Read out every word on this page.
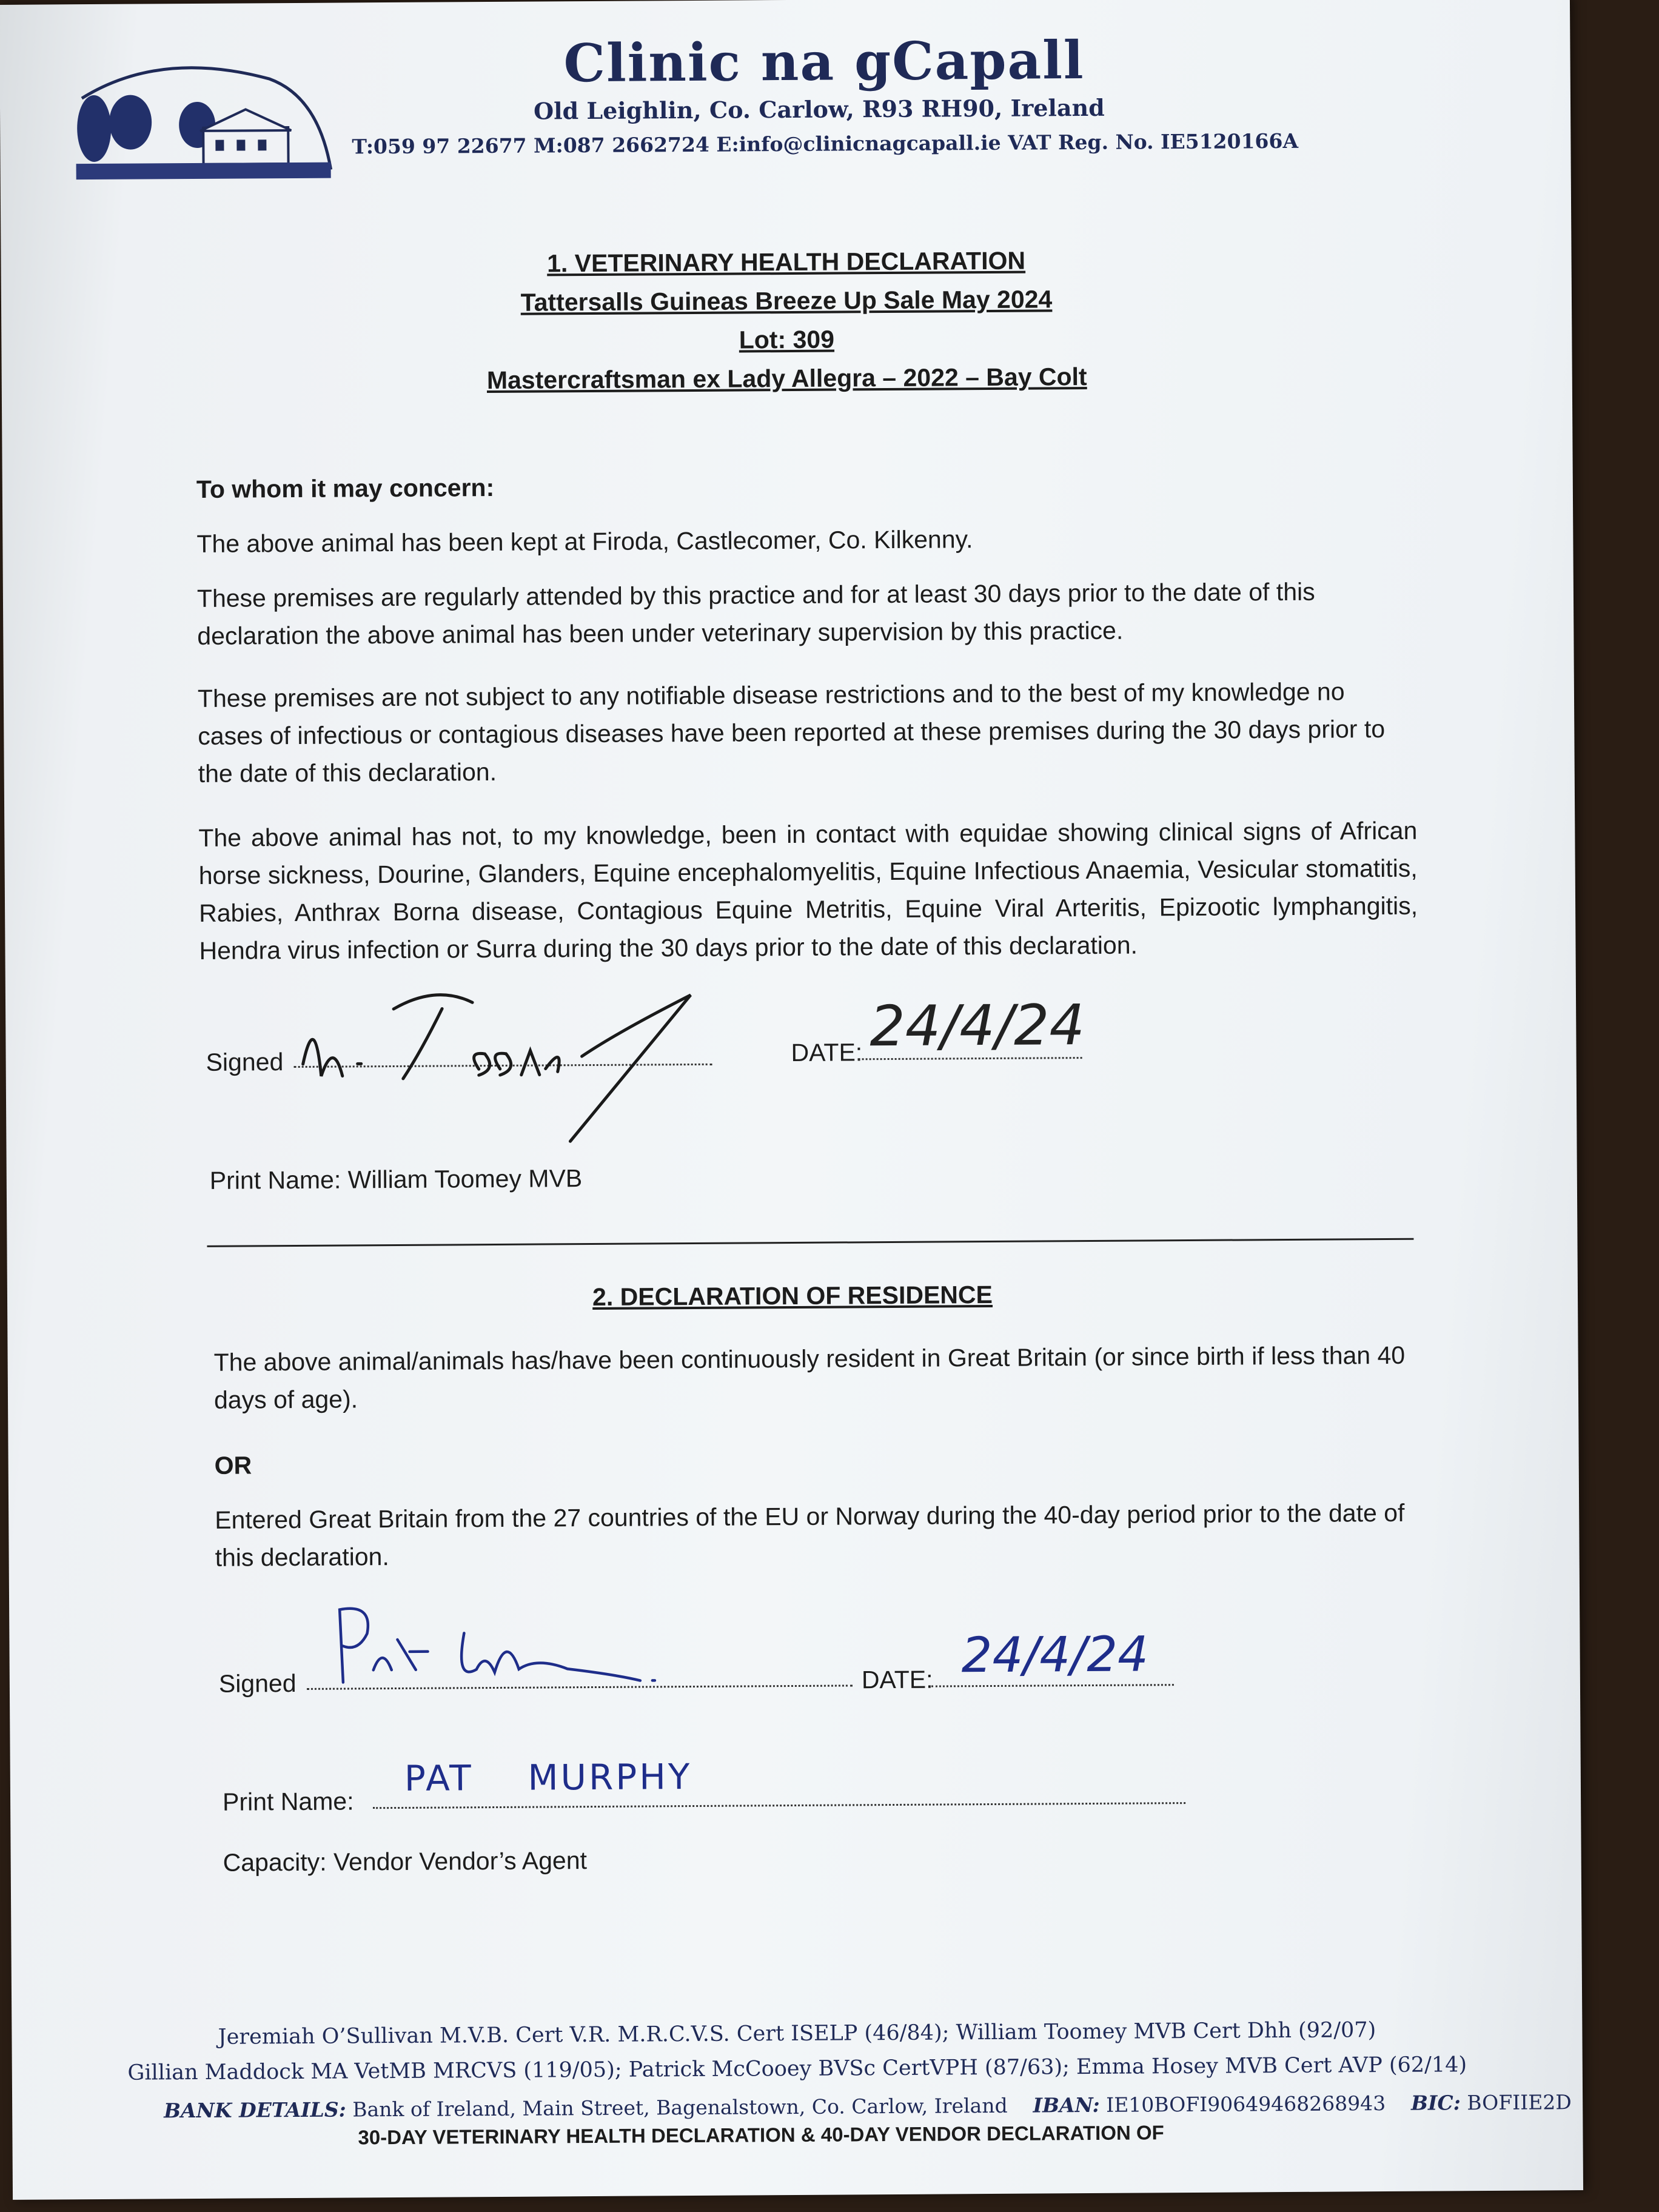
Clinic na gCapall
Old Leighlin, Co. Carlow, R93 RH90, Ireland
T:059 97 22677 M:087 2662724 E:info@clinicnagcapall.ie VAT Reg. No. IE5120166A
1. VETERINARY HEALTH DECLARATION
Tattersalls Guineas Breeze Up Sale May 2024
Lot: 309
Mastercraftsman ex Lady Allegra – 2022 – Bay Colt
To whom it may concern:
The above animal has been kept at Firoda, Castlecomer, Co. Kilkenny.
These premises are regularly attended by this practice and for at least 30 days prior to the date of this declaration the above animal has been under veterinary supervision by this practice.
These premises are not subject to any notifiable disease restrictions and to the best of my knowledge no cases of infectious or contagious diseases have been reported at these premises during the 30 days prior to the date of this declaration.
The above animal has not, to my knowledge, been in contact with equidae showing clinical signs of African horse sickness, Dourine, Glanders, Equine encephalomyelitis, Equine Infectious Anaemia, Vesicular stomatitis, Rabies, Anthrax Borna disease, Contagious Equine Metritis, Equine Viral Arteritis, Epizootic lymphangitis, Hendra virus infection or Surra during the 30 days prior to the date of this declaration.
Signed	DATE: 24/4/24
Print Name: William Toomey MVB
2. DECLARATION OF RESIDENCE
The above animal/animals has/have been continuously resident in Great Britain (or since birth if less than 40 days of age).
OR
Entered Great Britain from the 27 countries of the EU or Norway during the 40-day period prior to the date of this declaration.
Signed	DATE: 24/4/24
Print Name:
PAT    MURPHY
Capacity: Vendor Vendor’s Agent
Jeremiah O’Sullivan M.V.B. Cert V.R. M.R.C.V.S. Cert ISELP (46/84); William Toomey MVB Cert Dhh (92/07)
Gillian Maddock MA VetMB MRCVS (119/05); Patrick McCooey BVSc CertVPH (87/63); Emma Hosey MVB Cert AVP (62/14)
BANK DETAILS: Bank of Ireland, Main Street, Bagenalstown, Co. Carlow, Ireland IBAN: IE10BOFI90649468268943 BIC: BOFIIE2D
30-DAY VETERINARY HEALTH DECLARATION & 40-DAY VENDOR DECLARATION OF
